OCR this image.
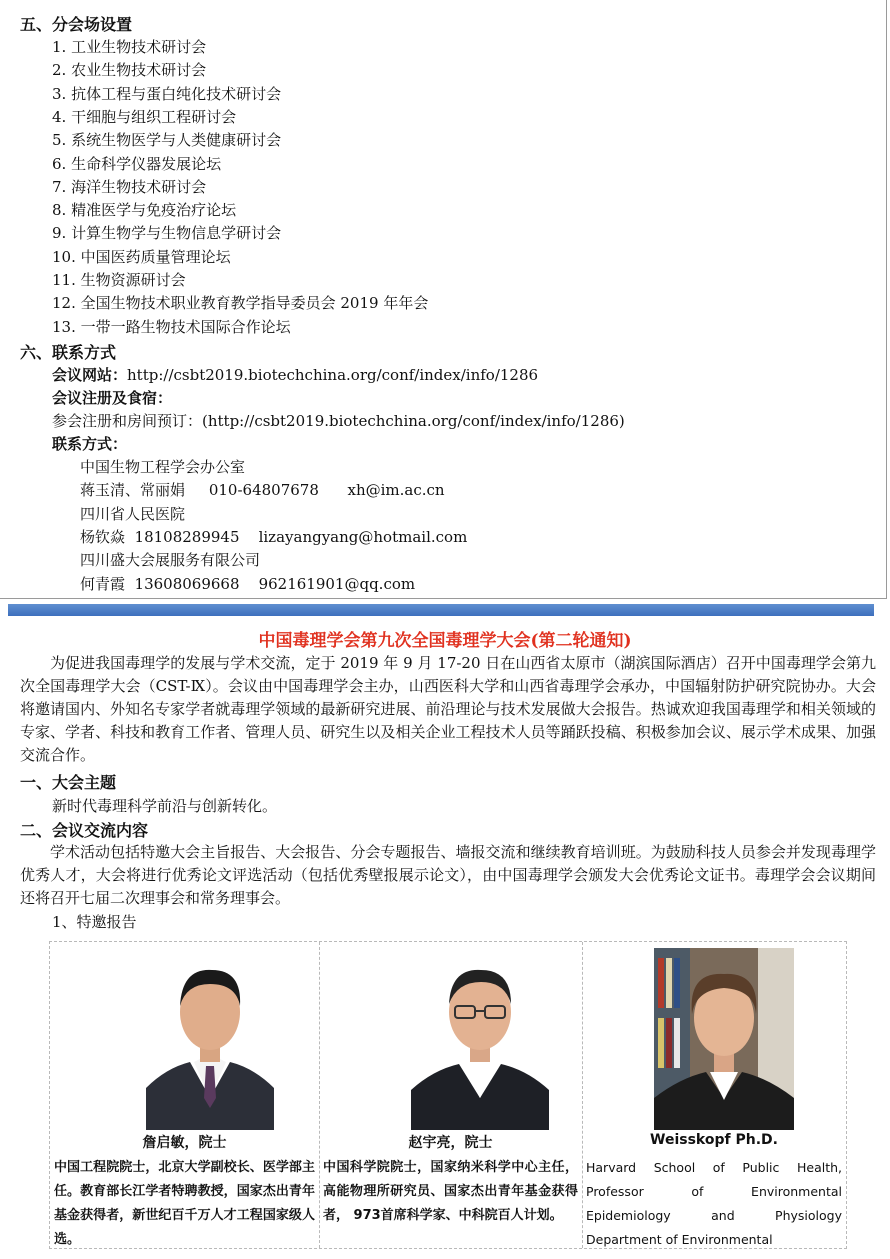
五、分会场设置
1. 工业生物技术研讨会
2. 农业生物技术研讨会
3. 抗体工程与蛋白纯化技术研讨会
4. 干细胞与组织工程研讨会
5. 系统生物医学与人类健康研讨会
6. 生命科学仪器发展论坛
7. 海洋生物技术研讨会
8. 精准医学与免疫治疗论坛
9. 计算生物学与生物信息学研讨会
10. 中国医药质量管理论坛
11. 生物资源研讨会
12. 全国生物技术职业教育教学指导委员会 2019 年年会
13. 一带一路生物技术国际合作论坛
六、联系方式
会议网站：http://csbt2019.biotechchina.org/conf/index/info/1286
会议注册及食宿：
参会注册和房间预订：(http://csbt2019.biotechchina.org/conf/index/info/1286)
联系方式：
中国生物工程学会办公室
蒋玉清、常丽娟     010-64807678      xh@im.ac.cn
四川省人民医院
杨钦焱  18108289945    lizayangyang@hotmail.com
四川盛大会展服务有限公司
何青霞  13608069668    962161901@qq.com
中国毒理学会第九次全国毒理学大会(第二轮通知)
为促进我国毒理学的发展与学术交流，定于 2019 年 9 月 17-20 日在山西省太原市（湖滨国际酒店）召开中国毒理学会第九次全国毒理学大会（CST-Ⅸ）。会议由中国毒理学会主办，山西医科大学和山西省毒理学会承办，中国辐射防护研究院协办。大会将邀请国内、外知名专家学者就毒理学领域的最新研究进展、前沿理论与技术发展做大会报告。热诚欢迎我国毒理学和相关领域的专家、学者、科技和教育工作者、管理人员、研究生以及相关企业工程技术人员等踊跃投稿、积极参加会议、展示学术成果、加强交流合作。
一、大会主题
新时代毒理科学前沿与创新转化。
二、会议交流内容
学术活动包括特邀大会主旨报告、大会报告、分会专题报告、墙报交流和继续教育培训班。为鼓励科技人员参会并发现毒理学优秀人才，大会将进行优秀论文评选活动（包括优秀壁报展示论文），由中国毒理学会颁发大会优秀论文证书。毒理学会会议期间还将召开七届二次理事会和常务理事会。
1、特邀报告
詹启敏，院士
中国工程院院士，北京大学副校长、医学部主任。教育部长江学者特聘教授，国家杰出青年基金获得者，新世纪百千万人才工程国家级人选。
赵宇亮，院士
中国科学院院士，国家纳米科学中心主任，高能物理所研究员、国家杰出青年基金获得者， 973首席科学家、中科院百人计划。
Weisskopf Ph.D.
Harvard School of Public Health, Professor of Environmental Epidemiology and Physiology Department of Environmental
